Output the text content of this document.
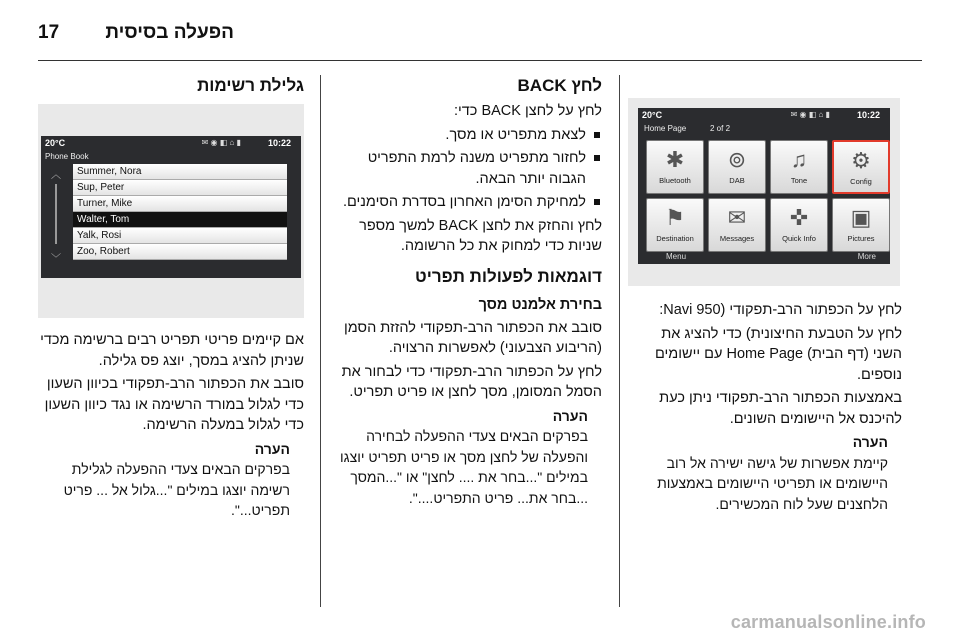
17 הפעלה בסיסית
20°C	✉ ◉ ◧ ⌂ ▮	10:22
Home Page	2 of 2
✱
Bluetooth
⊚
DAB
♫
Tone
⚙
Config
⚑
Destination
✉
Messages
✜
Quick Info
▣
Pictures
Menu	More

לחץ על הכפתור הרב-תפקודי (Navi 950:

לחץ על הטבעת החיצונית) כדי להציג את

השני (דף הבית) Home Page עם יישומים

נוספים.

באמצעות הכפתור הרב-תפקודי ניתן כעת להיכנס אל היישומים השונים.

הערה

קיימת אפשרות של גישה ישירה אל רוב היישומים או תפריטי היישומים באמצעות הלחצנים שעל לוח המכשירים.

לחץ BACK

לחץ על לחצן BACK כדי:

לצאת מתפריט או מסך.
לחזור מתפריט משנה לרמת התפריט הגבוה יותר הבאה.
למחיקת הסימן האחרון בסדרת הסימנים.

לחץ והחזק את לחצן BACK למשך מספר שניות כדי למחוק את כל הרשומה.

דוגמאות לפעולות תפריט

בחירת אלמנט מסך

סובב את הכפתור הרב-תפקודי להזזת הסמן (הריבוע הצבעוני) לאפשרות הרצויה.

לחץ על הכפתור הרב-תפקודי כדי לבחור את הסמל המסומן, מסך לחצן או פריט תפריט.

הערה

בפרקים הבאים צעדי ההפעלה לבחירה והפעלה של לחצן מסך או פריט תפריט יוצגו במילים "...בחר את .... לחצן" או "...המסך ...בחר את... פריט התפריט....".

גלילת רשימות
20°C	✉ ◉ ◧ ⌂ ▮	10:22
Phone Book
︿
﹀
Summer, Nora
Sup, Peter
Turner, Mike
Walter, Tom
Yalk, Rosi
Zoo, Robert

אם קיימים פריטי תפריט רבים ברשימה מכדי שניתן להציג במסך, יוצג פס גלילה.

סובב את הכפתור הרב-תפקודי בכיוון השעון כדי לגלול במורד הרשימה או נגד כיוון השעון כדי לגלול במעלה הרשימה.

הערה

בפרקים הבאים צעדי ההפעלה לגלילת רשימה יוצגו במילים "...גלול אל ... פריט תפריט...".

carmanualsonline.info
